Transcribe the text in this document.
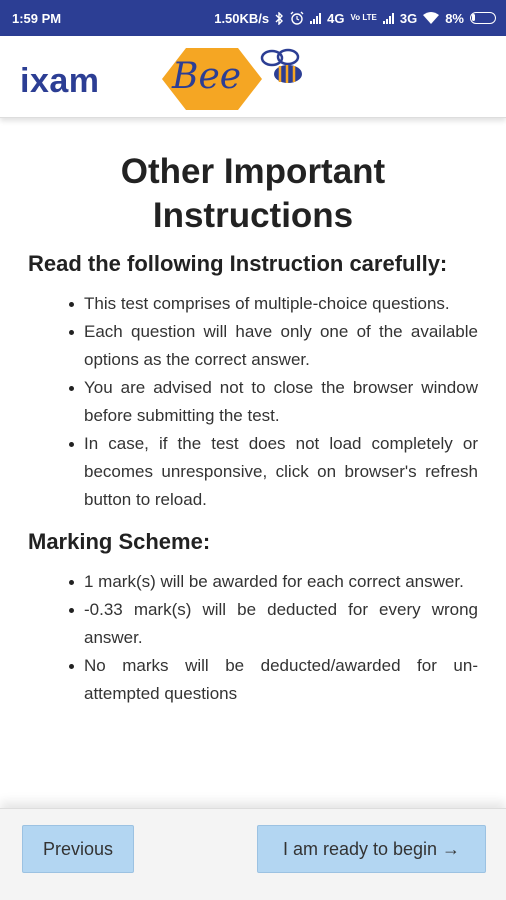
1:59 PM	1.50KB/s	4G Vo LTE 3G 8%
ixam Bee
Other Important Instructions
Read the following Instruction carefully:
This test comprises of multiple-choice questions.
Each question will have only one of the available options as the correct answer.
You are advised not to close the browser window before submitting the test.
In case, if the test does not load completely or becomes unresponsive, click on browser's refresh button to reload.
Marking Scheme:
1 mark(s) will be awarded for each correct answer.
-0.33 mark(s) will be deducted for every wrong answer.
No marks will be deducted/awarded for un-attempted questions
Previous	I am ready to begin →
